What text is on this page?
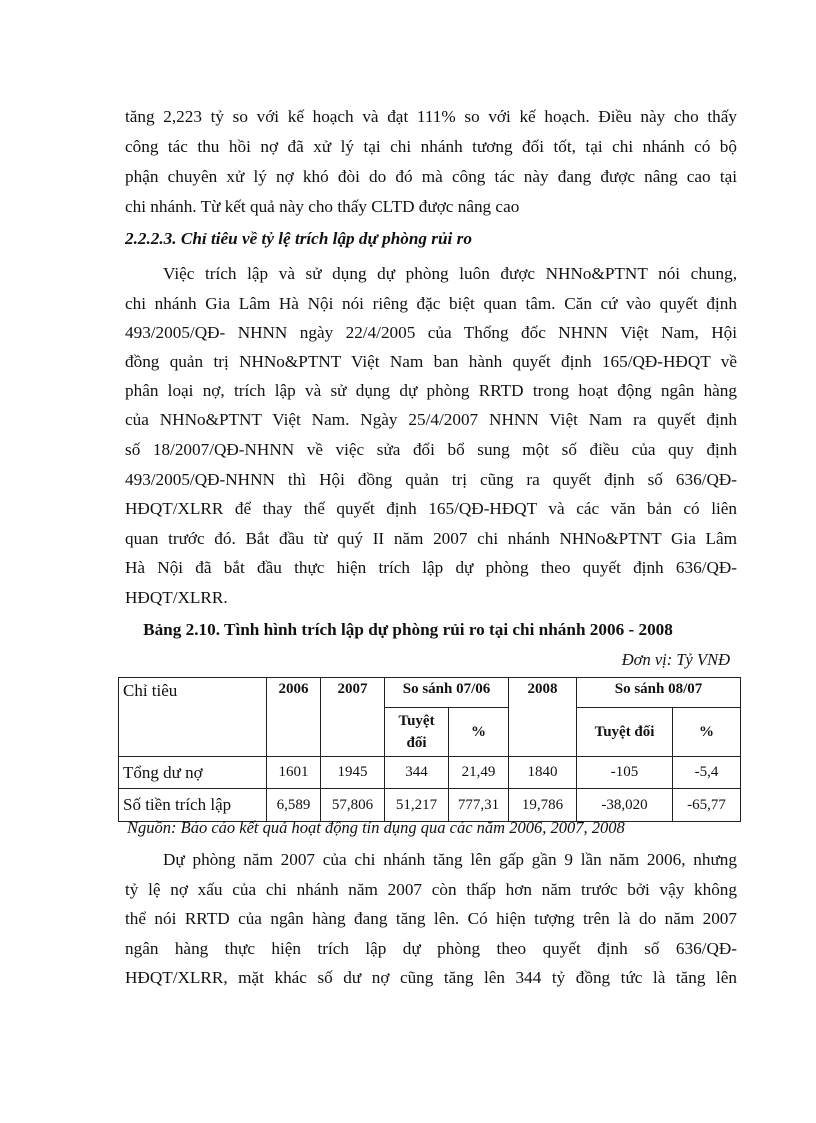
tăng 2,223 tỷ so với kế hoạch và đạt 111% so với kế hoạch. Điều này cho thấy
công tác thu hồi nợ đã xử lý tại chi nhánh tương đối tốt, tại chi nhánh có bộ
phận chuyên xử lý nợ khó đòi do đó mà công tác này đang được nâng cao tại
chi nhánh. Từ kết quả này cho thấy CLTD được nâng cao
2.2.2.3. Chỉ tiêu về tỷ lệ trích lập dự phòng rủi ro
Việc trích lập và sử dụng dự phòng luôn được NHNo&PTNT nói chung,
chi nhánh Gia Lâm Hà Nội nói riêng đặc biệt quan tâm. Căn cứ vào quyết định
493/2005/QĐ- NHNN ngày 22/4/2005 của Thống đốc NHNN Việt Nam, Hội
đồng quản trị NHNo&PTNT Việt Nam ban hành quyết định 165/QĐ-HĐQT về
phân loại nợ, trích lập và sử dụng dự phòng RRTD trong hoạt động ngân hàng
của NHNo&PTNT Việt Nam. Ngày 25/4/2007 NHNN Việt Nam ra quyết định
số 18/2007/QĐ-NHNN về việc sửa đổi bổ sung một số điều của quy định
493/2005/QĐ-NHNN thì Hội đồng quản trị cũng ra quyết định số 636/QĐ-
HĐQT/XLRR để thay thế quyết định 165/QĐ-HĐQT và các văn bản có liên
quan trước đó. Bắt đầu từ quý II năm 2007 chi nhánh NHNo&PTNT Gia Lâm
Hà Nội đã bắt đầu thực hiện trích lập dự phòng theo quyết định 636/QĐ-
HĐQT/XLRR.
Bảng 2.10. Tình hình trích lập dự phòng rủi ro tại chi nhánh 2006 - 2008
Đơn vị: Tỷ VNĐ
Chỉ tiêu	2006	2007	So sánh 07/06		2008	So sánh 08/07	
			Tuyệt đối	%		Tuyệt đối	%
Tổng dư nợ	1601	1945	344	21,49	1840	-105	-5,4
Số tiền trích lập	6,589	57,806	51,217	777,31	19,786	-38,020	-65,77
Nguồn: Báo cáo kết quả hoạt động tín dụng qua các năm 2006, 2007, 2008
Dự phòng năm 2007 của chi nhánh tăng lên gấp gần 9 lần năm 2006, nhưng
tỷ lệ nợ xấu của chi nhánh năm 2007 còn thấp hơn năm trước bởi vậy không
thể nói RRTD của ngân hàng đang tăng lên. Có hiện tượng trên là do năm 2007
ngân hàng thực hiện trích lập dự phòng theo quyết định số 636/QĐ-
HĐQT/XLRR, mặt khác số dư nợ cũng tăng lên 344 tỷ đồng tức là tăng lên
